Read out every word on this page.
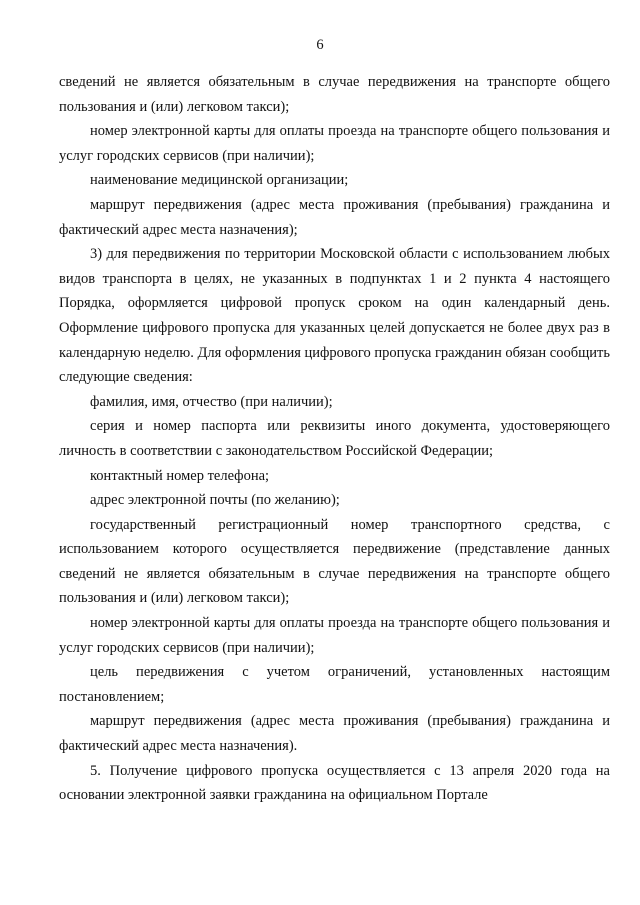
6

сведений не является обязательным в случае передвижения на транспорте общего пользования и (или) легковом такси);

номер электронной карты для оплаты проезда на транспорте общего пользования и услуг городских сервисов (при наличии);

наименование медицинской организации;

маршрут передвижения (адрес места проживания (пребывания) гражданина и фактический адрес места назначения);

3) для передвижения по территории Московской области с использованием любых видов транспорта в целях, не указанных в подпунктах 1 и 2 пункта 4 настоящего Порядка, оформляется цифровой пропуск сроком на один календарный день. Оформление цифрового пропуска для указанных целей допускается не более двух раз в календарную неделю. Для оформления цифрового пропуска гражданин обязан сообщить следующие сведения:

фамилия, имя, отчество (при наличии);

серия и номер паспорта или реквизиты иного документа, удостоверяющего личность в соответствии с законодательством Российской Федерации;

контактный номер телефона;

адрес электронной почты (по желанию);

государственный регистрационный номер транспортного средства, с использованием которого осуществляется передвижение (представление данных сведений не является обязательным в случае передвижения на транспорте общего пользования и (или) легковом такси);

номер электронной карты для оплаты проезда на транспорте общего пользования и услуг городских сервисов (при наличии);

цель передвижения с учетом ограничений, установленных настоящим постановлением;

маршрут передвижения (адрес места проживания (пребывания) гражданина и фактический адрес места назначения).

5. Получение цифрового пропуска осуществляется с 13 апреля 2020 года на основании электронной заявки гражданина на официальном Портале
